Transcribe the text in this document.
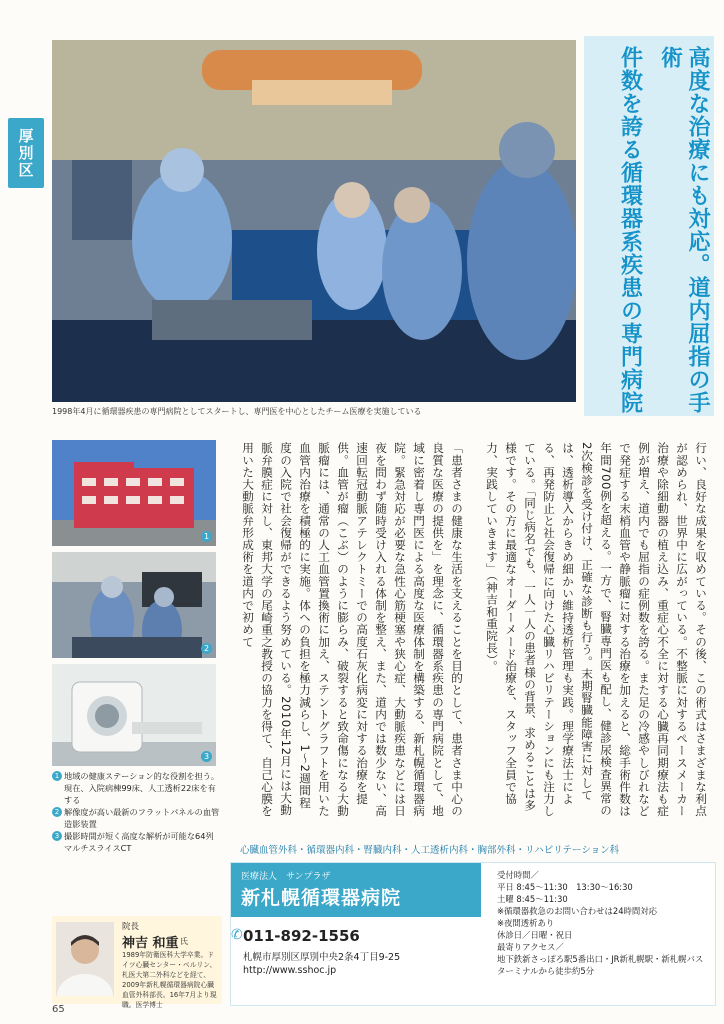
厚別区
1998年4月に循環器疾患の専門病院としてスタートし、専門医を中心としたチーム医療を実施している	高度な治療にも対応。道内屈指の手術
件数を誇る循環器系疾患の専門病院
1
2
3
1 地域の健康ステーション的な役割を担う。現在、入院病棟99床、人工透析22床を有する
2 解像度が高い最新のフラットパネルの血管造影装置
3 撮影時間が短く高度な解析が可能な64列マルチスライスCT
行い、良好な成果を収めている。その後、この術式はさまざまな利点が認められ、世界中に広がっている。不整脈に対するペースメーカー治療や除細動器の植え込み、重症心不全に対する心臓再同期療法も症例が増え、道内でも屈指の症例数を誇る。また足の冷感やしびれなどで発症する末梢血管や静脈瘤に対する治療を加えると、総手術件数は年間700例を超える。一方で、腎臓専門医も配し、健診尿検査異常の2次検診を受け付け、正確な診断も行う。末期腎臓能障害に対しては、透析導入からきめ細かい維持透析管理も実践。理学療法士による、再発防止と社会復帰に向けた心臓リハビリテーションにも注力している。「同じ病名でも、一人一人の患者様の背景、求めることは多様です。その方に最適なオーダーメード治療を、スタッフ全員で協力、実践していきます」（神吉和重院長）。
「患者さまの健康な生活を支えることを目的として、患者さま中心の良質な医療の提供を」を理念に、循環器系疾患の専門病院として、地域に密着し専門医による高度な医療体制を構築する、新札幌循環器病院。緊急対応が必要な急性心筋梗塞や狭心症、大動脈疾患などには日夜を問わず随時受け入れる体制を整え、また、道内では数少ない、高速回転冠動脈アテレクトミーでの高度石灰化病変に対する治療を提供。血管が瘤（こぶ）のように膨らみ、破裂すると致命傷になる大動脈瘤には、通常の人工血管置換術に加え、ステントグラフトを用いた血管内治療を積極的に実施。体への負担を極力減らし、1〜2週間程度の入院で社会復帰ができるよう努めている。2010年12月には大動脈弁膜症に対し、東邦大学の尾崎重之教授の協力を得て、自己心膜を用いた大動脈弁形成術を道内で初めて
心臓血管外科・循環器内科・腎臓内科・人工透析内科・胸部外科・リハビリテーション科
医療法人　サンプラザ
新札幌循環器病院
✆ 011-892-1556
札幌市厚別区厚別中央2条4丁目9-25
http://www.sshoc.jp
受付時間／
平日 8:45〜11:30　13:30〜16:30
土曜 8:45〜11:30
※循環器救急のお問い合わせは24時間対応
※夜間透析あり
休診日／日曜・祝日
最寄りアクセス／
地下鉄新さっぽろ駅5番出口・JR新札幌駅・新札幌バスターミナルから徒歩約5分
院長
神吉 和重 氏
1989年防衛医科大学卒業。ドイツ心臓センター・ベルリン、札医大第二外科などを経て、2009年新札幌循環器病院心臓血管外科部長。16年7月より現職。医学博士
65
